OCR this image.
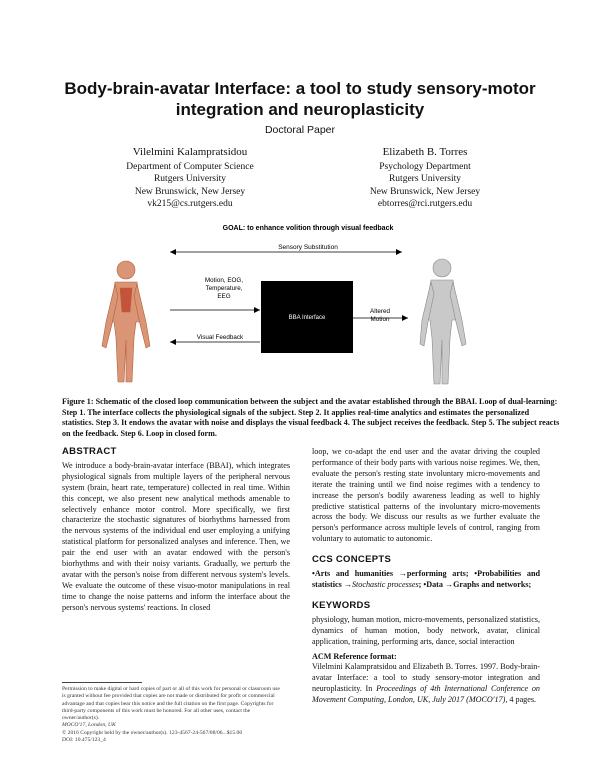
Body-brain-avatar Interface: a tool to study sensory-motor integration and neuroplasticity
Doctoral Paper
Vilelmini Kalampratsidou
Department of Computer Science
Rutgers University
New Brunswick, New Jersey
vk215@cs.rutgers.edu
Elizabeth B. Torres
Psychology Department
Rutgers University
New Brunswick, New Jersey
ebtorres@rci.rutgers.edu
GOAL: to enhance volition through visual feedback
Sensory Substitution
Motion, EOG, Temperature, EEG
BBA Interface
Altered Motion
Visual Feedback
Figure 1: Schematic of the closed loop communication between the subject and the avatar established through the BBAI. Loop of dual-learning: Step 1. The interface collects the physiological signals of the subject. Step 2. It applies real-time analytics and estimates the personalized statistics. Step 3. It endows the avatar with noise and displays the visual feedback 4. The subject receives the feedback. Step 5. The subject reacts on the feedback. Step 6. Loop in closed form.
ABSTRACT
We introduce a body-brain-avatar interface (BBAI), which integrates physiological signals from multiple layers of the peripheral nervous system (brain, heart rate, temperature) collected in real time. Within this concept, we also present new analytical methods amenable to selectively enhance motor control. More specifically, we first characterize the stochastic signatures of biorhythms harnessed from the nervous systems of the individual end user employing a unifying statistical platform for personalized analyses and inference. Then, we pair the end user with an avatar endowed with the person's biorhythms and with their noisy variants. Gradually, we perturb the avatar with the person's noise from different nervous system's levels. We evaluate the outcome of these visuo-motor manipulations in real time to change the noise patterns and inform the interface about the person's nervous systems' reactions. In closed
Permission to make digital or hard copies of part or all of this work for personal or classroom use is granted without fee provided that copies are not made or distributed for profit or commercial advantage and that copies bear this notice and the full citation on the first page. Copyrights for third-party components of this work must be honored. For all other uses, contact the owner/author(s).
MOCO'17, London, UK
© 2016 Copyright held by the owner/author(s). 123-4567-24-567/08/06...$15.00
DOI: 10.475/123_4
loop, we co-adapt the end user and the avatar driving the coupled performance of their body parts with various noise regimes. We, then, evaluate the person's resting state involuntary micro-movements and iterate the training until we find noise regimes with a tendency to increase the person's bodily awareness leading as well to highly predictive statistical patterns of the involuntary micro-movements across the body. We discuss our results as we further evaluate the person's performance across multiple levels of control, ranging from voluntary to automatic to autonomic.
CCS CONCEPTS
•Arts and humanities →performing arts; •Probabilities and statistics →Stochastic processes; •Data →Graphs and networks;
KEYWORDS
physiology, human motion, micro-movements, personalized statistics, dynamics of human motion, body network, avatar, clinical application, training, performing arts, dance, social interaction
ACM Reference format:
Vilelmini Kalampratsidou and Elizabeth B. Torres. 1997. Body-brain-avatar Interface: a tool to study sensory-motor integration and neuroplasticity. In Proceedings of 4th International Conference on Movement Computing, London, UK, July 2017 (MOCO'17), 4 pages.
